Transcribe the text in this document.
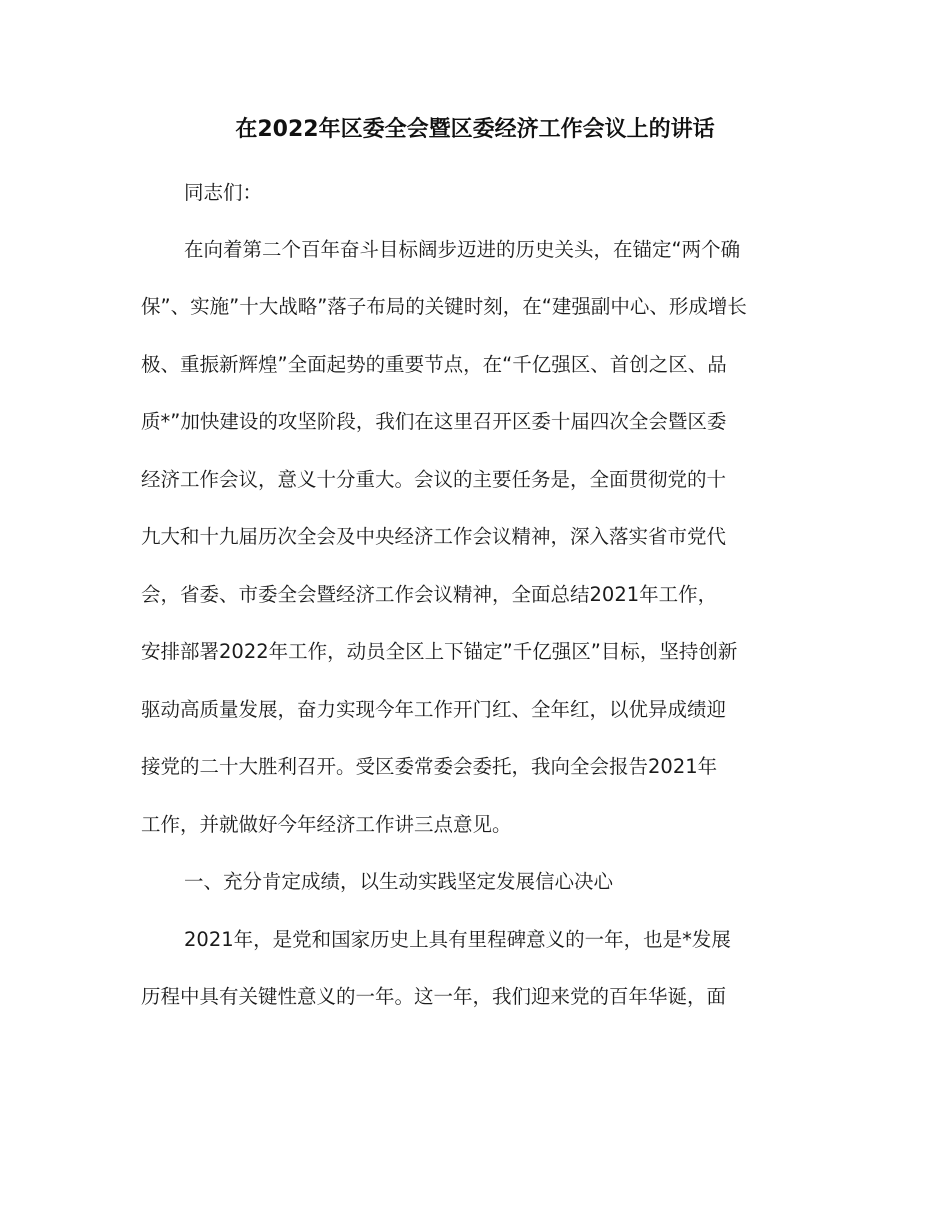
在2022年区委全会暨区委经济工作会议上的讲话
同志们：
在向着第二个百年奋斗目标阔步迈进的历史关头，在锚定“两个确
保”、实施”十大战略”落子布局的关键时刻，在“建强副中心、形成增长
极、重振新辉煌”全面起势的重要节点，在“千亿强区、首创之区、品
质*”加快建设的攻坚阶段，我们在这里召开区委十届四次全会暨区委
经济工作会议，意义十分重大。会议的主要任务是，全面贯彻党的十
九大和十九届历次全会及中央经济工作会议精神，深入落实省市党代
会，省委、市委全会暨经济工作会议精神，全面总结2021年工作，
安排部署2022年工作，动员全区上下锚定”千亿强区”目标，坚持创新
驱动高质量发展，奋力实现今年工作开门红、全年红，以优异成绩迎
接党的二十大胜利召开。受区委常委会委托，我向全会报告2021年
工作，并就做好今年经济工作讲三点意见。
一、充分肯定成绩，以生动实践坚定发展信心决心
2021年，是党和国家历史上具有里程碑意义的一年，也是*发展
历程中具有关键性意义的一年。这一年，我们迎来党的百年华诞，面
